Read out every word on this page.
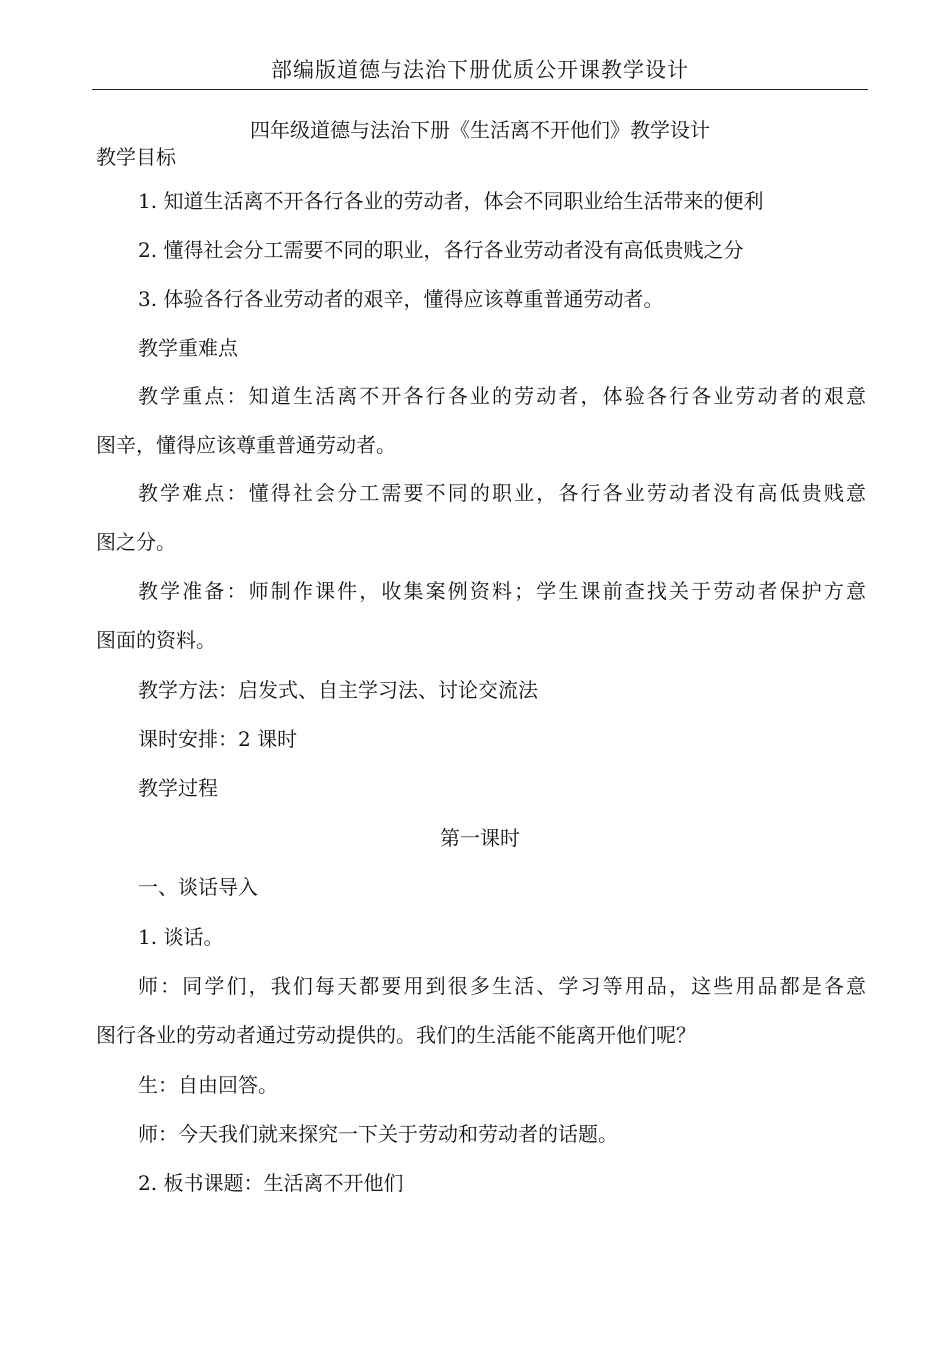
部编版道德与法治下册优质公开课教学设计
四年级道德与法治下册《生活离不开他们》教学设计
教学目标
1. 知道生活离不开各行各业的劳动者，体会不同职业给生活带来的便利
2. 懂得社会分工需要不同的职业，各行各业劳动者没有高低贵贱之分
3. 体验各行各业劳动者的艰辛，懂得应该尊重普通劳动者。
教学重难点
教学重点：知道生活离不开各行各业的劳动者，体验各行各业劳动者的艰意
图辛，懂得应该尊重普通劳动者。
教学难点：懂得社会分工需要不同的职业，各行各业劳动者没有高低贵贱意
图之分。
教学准备：师制作课件，收集案例资料；学生课前查找关于劳动者保护方意
图面的资料。
教学方法：启发式、自主学习法、讨论交流法
课时安排：2 课时
教学过程
第一课时
一、谈话导入
1. 谈话。
师：同学们，我们每天都要用到很多生活、学习等用品，这些用品都是各意
图行各业的劳动者通过劳动提供的。我们的生活能不能离开他们呢？
生：自由回答。
师：今天我们就来探究一下关于劳动和劳动者的话题。
2. 板书课题：生活离不开他们
